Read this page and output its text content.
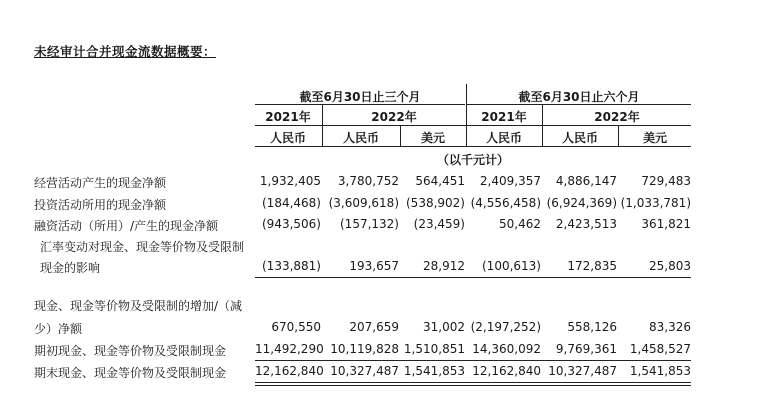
未经审计合并现金流数据概要：
截至6月30日止三个月	截至6月30日止六个月
2021年	2022年	2021年	2022年
人民币	人民币	美元	人民币	人民币	美元
（以千元计）
经营活动产生的现金净额	1,932,405	3,780,752	564,451	2,409,357	4,886,147	729,483
投资活动所用的现金净额	(184,468) (3,609,618) (538,902) (4,556,458) (6,924,369) (1,033,781)
融资活动（所用）/产生的现金净额	(943,506)	(157,132)	(23,459)	50,462	2,423,513	361,821
汇率变动对现金、现金等价物及受限制
现金的影响	(133,881)	193,657	28,912	(100,613)	172,835	25,803
现金、现金等价物及受限制的增加/（减
少）净额	670,550	207,659	31,002 (2,197,252)	558,126	83,326
期初现金、现金等价物及受限制现金 11,492,290 10,119,828 1,510,851 14,360,092	9,769,361	1,458,527
期末现金、现金等价物及受限制现金 12,162,840 10,327,487 1,541,853 12,162,840 10,327,487	1,541,853
